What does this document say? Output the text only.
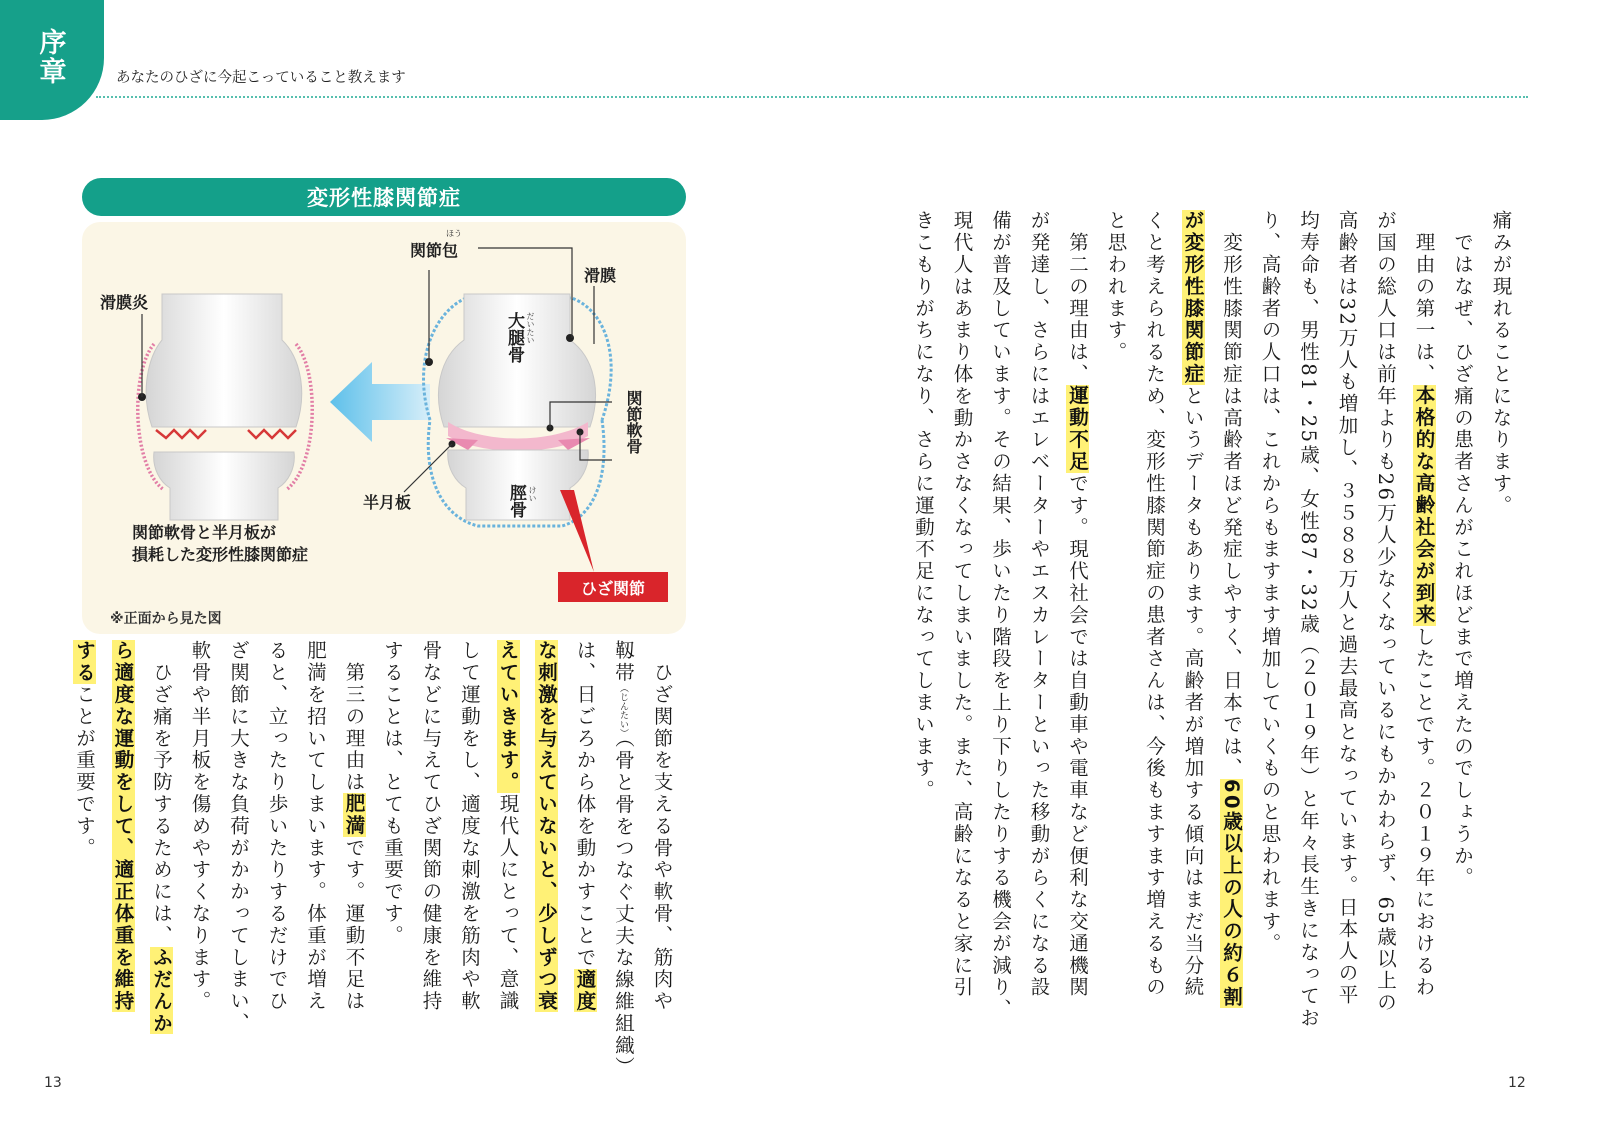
序章	あなたのひざに今起こっていること教えます
変形性膝関節症
滑膜炎
関節包
ほう
滑膜
大腿骨 だいたい
関節軟骨
半月板	脛骨 けい
関節軟骨と半月板が
損耗した変形性膝関節症
ひざ関節
※正面から見た図
痛みが現れることになります。
　ではなぜ、ひざ痛の患者さんがこれほどまで増えたのでしょうか。
　理由の第一は、本格的な高齢社会が到来したことです。２０１９年におけるわ
が国の総人口は前年よりも26万人少なくなっているにもかかわらず、65歳以上の
高齢者は32万人も増加し、３５８８万人と過去最高となっています。日本人の平
均寿命も、男性81・25歳、女性87・32歳（２０１９年）と年々長生きになってお
り、高齢者の人口は、これからもますます増加していくものと思われます。
　変形性膝関節症は高齢者ほど発症しやすく、日本では、60歳以上の人の約６割
が変形性膝関節症というデータもあります。高齢者が増加する傾向はまだ当分続
くと考えられるため、変形性膝関節症の患者さんは、今後もますます増えるもの
と思われます。
　第二の理由は、運動不足です。現代社会では自動車や電車など便利な交通機関
が発達し、さらにはエレベーターやエスカレーターといった移動がらくになる設
備が普及しています。その結果、歩いたり階段を上り下りしたりする機会が減り、
現代人はあまり体を動かさなくなってしまいました。また、高齢になると家に引
きこもりがちになり、さらに運動不足になってしまいます。
　ひざ関節を支える骨や軟骨、筋肉や
靱帯（じんたい）（骨と骨をつなぐ丈夫な線維組織）
は、日ごろから体を動かすことで適度
な刺激を与えていないと、少しずつ衰
えていきます。現代人にとって、意識
して運動をし、適度な刺激を筋肉や軟
骨などに与えてひざ関節の健康を維持
することは、とても重要です。
　第三の理由は肥満です。運動不足は
肥満を招いてしまいます。体重が増え
ると、立ったり歩いたりするだけでひ
ざ関節に大きな負荷がかかってしまい、
軟骨や半月板を傷めやすくなります。
　ひざ痛を予防するためには、ふだんか
ら適度な運動をして、適正体重を維持
することが重要です。
13	12
